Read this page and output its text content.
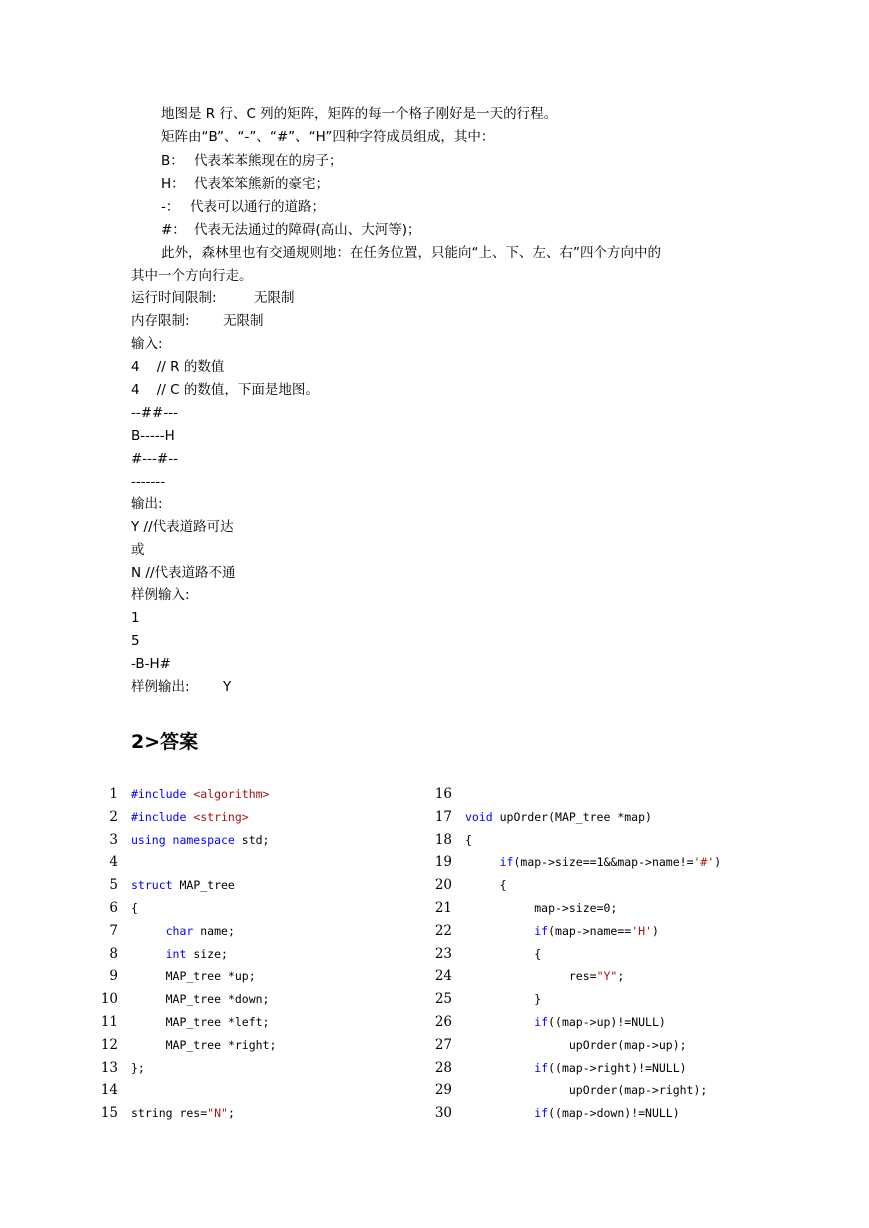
地图是 R 行、C 列的矩阵，矩阵的每一个格子刚好是一天的行程。
矩阵由“B”、“-”、“#”、“H”四种字符成员组成，其中：
B： 代表苯苯熊现在的房子；
H： 代表笨笨熊新的豪宅；
-： 代表可以通行的道路；
#： 代表无法通过的障碍(高山、大河等)；
此外，森林里也有交通规则地：在任务位置，只能向“上、下、左、右”四个方向中的
其中一个方向行走。
运行时间限制:	无限制
内存限制: 无限制
输入:
4    // R 的数值
4    // C 的数值，下面是地图。
--##---
B-----H
#---#--
-------
输出:
Y //代表道路可达
或
N //代表道路不通
样例输入:
1
5
-B-H#
样例输出: Y
2>答案
1 #include <algorithm>
2 #include <string>
3 using namespace std;
4
5 struct MAP_tree
6 {
7	char name;
8	int size;
9 MAP_tree *up;
10 MAP_tree *down;
11 MAP_tree *left;
12 MAP_tree *right;
13 };
14
15 string res="N";
16
17 void upOrder(MAP_tree *map)
18 {
19	if(map->size==1&&map->name!='#')
20 {
21 map->size=0;
22	if(map->name=='H')
23 {
24 res="Y";
25 }
26	if((map->up)!=NULL)
27 upOrder(map->up);
28	if((map->right)!=NULL)
29 upOrder(map->right);
30	if((map->down)!=NULL)
